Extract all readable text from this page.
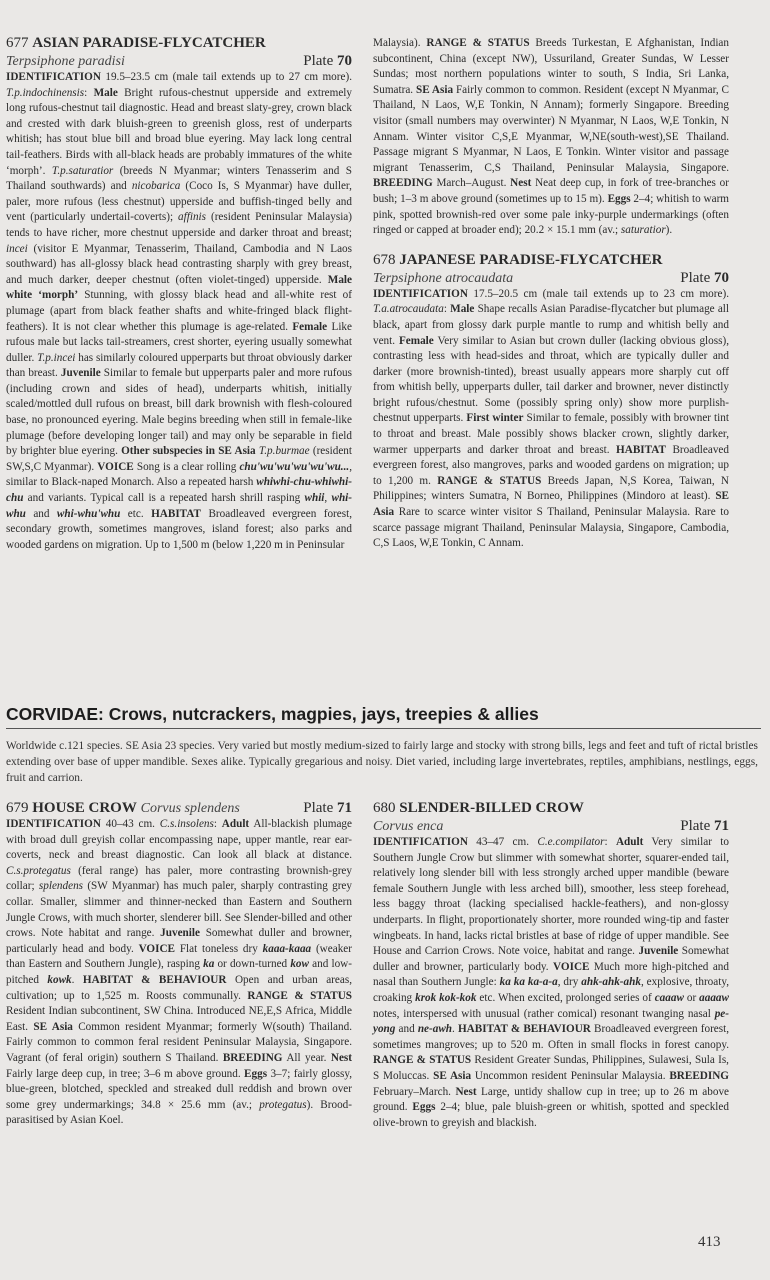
677 ASIAN PARADISE-FLYCATCHER
Terpsiphone paradisi	Plate 70

IDENTIFICATION 19.5–23.5 cm (male tail extends up to 27 cm more). T.p.indochinensis: Male Bright rufous-chestnut upperside and extremely long rufous-chestnut tail diagnostic. Head and breast slaty-grey, crown black and crested with dark bluish-green to greenish gloss, rest of underparts whitish; has stout blue bill and broad blue eyering. May lack long central tail-feathers. Birds with all-black heads are probably immatures of the white ‘morph’. T.p.saturatior (breeds N Myanmar; winters Tenasserim and S Thailand southwards) and nicobarica (Coco Is, S Myanmar) have duller, paler, more rufous (less chestnut) upperside and buffish-tinged belly and vent (particularly undertail-coverts); affinis (resident Peninsular Malaysia) tends to have richer, more chestnut upperside and darker throat and breast; incei (visitor E Myanmar, Tenasserim, Thailand, Cambodia and N Laos southward) has all-glossy black head contrasting sharply with grey breast, and much darker, deeper chestnut (often violet-tinged) upperside. Male white ‘morph’ Stunning, with glossy black head and all-white rest of plumage (apart from black feather shafts and white-fringed black flight-feathers). It is not clear whether this plumage is age-related. Female Like rufous male but lacks tail-streamers, crest shorter, eyering usually somewhat duller. T.p.incei has similarly coloured upperparts but throat obviously darker than breast. Juvenile Similar to female but upperparts paler and more rufous (including crown and sides of head), underparts whitish, initially scaled/mottled dull rufous on breast, bill dark brownish with flesh-coloured base, no pronounced eyering. Male begins breeding when still in female-like plumage (before developing longer tail) and may only be separable in field by brighter blue eyering. Other subspecies in SE Asia T.p.burmae (resident SW,S,C Myanmar). VOICE Song is a clear rolling chu'wu'wu'wu'wu'wu..., similar to Black-naped Monarch. Also a repeated harsh whiwhi-chu-whiwhi-chu and variants. Typical call is a repeated harsh shrill rasping whii, whi-whu and whi-whu'whu etc. HABITAT Broadleaved evergreen forest, secondary growth, sometimes mangroves, island forest; also parks and wooded gardens on migration. Up to 1,500 m (below 1,220 m in Peninsular

Malaysia). RANGE & STATUS Breeds Turkestan, E Afghanistan, Indian subcontinent, China (except NW), Ussuriland, Greater Sundas, W Lesser Sundas; most northern populations winter to south, S India, Sri Lanka, Sumatra. SE Asia Fairly common to common. Resident (except N Myanmar, C Thailand, N Laos, W,E Tonkin, N Annam); formerly Singapore. Breeding visitor (small numbers may overwinter) N Myanmar, N Laos, W,E Tonkin, N Annam. Winter visitor C,S,E Myanmar, W,NE(south-west),SE Thailand. Passage migrant S Myanmar, N Laos, E Tonkin. Winter visitor and passage migrant Tenasserim, C,S Thailand, Peninsular Malaysia, Singapore. BREEDING March–August. Nest Neat deep cup, in fork of tree-branches or bush; 1–3 m above ground (sometimes up to 15 m). Eggs 2–4; whitish to warm pink, spotted brownish-red over some pale inky-purple undermarkings (often ringed or capped at broader end); 20.2 × 15.1 mm (av.; saturatior).

678 JAPANESE PARADISE-FLYCATCHER
Terpsiphone atrocaudata	Plate 70

IDENTIFICATION 17.5–20.5 cm (male tail extends up to 23 cm more). T.a.atrocaudata: Male Shape recalls Asian Paradise-flycatcher but plumage all black, apart from glossy dark purple mantle to rump and whitish belly and vent. Female Very similar to Asian but crown duller (lacking obvious gloss), contrasting less with head-sides and throat, which are typically duller and darker (more brownish-tinted), breast usually appears more sharply cut off from whitish belly, upperparts duller, tail darker and browner, never distinctly bright rufous/chestnut. Some (possibly spring only) show more purplish-chestnut upperparts. First winter Similar to female, possibly with browner tint to throat and breast. Male possibly shows blacker crown, slightly darker, warmer upperparts and darker throat and breast. HABITAT Broadleaved evergreen forest, also mangroves, parks and wooded gardens on migration; up to 1,200 m. RANGE & STATUS Breeds Japan, N,S Korea, Taiwan, N Philippines; winters Sumatra, N Borneo, Philippines (Mindoro at least). SE Asia Rare to scarce winter visitor S Thailand, Peninsular Malaysia. Rare to scarce passage migrant Thailand, Peninsular Malaysia, Singapore, Cambodia, C,S Laos, W,E Tonkin, C Annam.

CORVIDAE: Crows, nutcrackers, magpies, jays, treepies & allies
Worldwide c.121 species. SE Asia 23 species. Very varied but mostly medium-sized to fairly large and stocky with strong bills, legs and feet and tuft of rictal bristles extending over base of upper mandible. Sexes alike. Typically gregarious and noisy. Diet varied, including large invertebrates, reptiles, amphibians, nestlings, eggs, fruit and carrion.
679 HOUSE CROW Corvus splendens	Plate 71

IDENTIFICATION 40–43 cm. C.s.insolens: Adult All-blackish plumage with broad dull greyish collar encompassing nape, upper mantle, rear ear-coverts, neck and breast diagnostic. Can look all black at distance. C.s.protegatus (feral range) has paler, more contrasting brownish-grey collar; splendens (SW Myanmar) has much paler, sharply contrasting grey collar. Smaller, slimmer and thinner-necked than Eastern and Southern Jungle Crows, with much shorter, slenderer bill. See Slender-billed and other crows. Note habitat and range. Juvenile Somewhat duller and browner, particularly head and body. VOICE Flat toneless dry kaaa-kaaa (weaker than Eastern and Southern Jungle), rasping ka or down-turned kow and low-pitched kowk. HABITAT & BEHAVIOUR Open and urban areas, cultivation; up to 1,525 m. Roosts communally. RANGE & STATUS Resident Indian subcontinent, SW China. Introduced NE,E,S Africa, Middle East. SE Asia Common resident Myanmar; formerly W(south) Thailand. Fairly common to common feral resident Peninsular Malaysia, Singapore. Vagrant (of feral origin) southern S Thailand. BREEDING All year. Nest Fairly large deep cup, in tree; 3–6 m above ground. Eggs 3–7; fairly glossy, blue-green, blotched, speckled and streaked dull reddish and brown over some grey undermarkings; 34.8 × 25.6 mm (av.; protegatus). Brood-parasitised by Asian Koel.

680 SLENDER-BILLED CROW
Corvus enca	Plate 71

IDENTIFICATION 43–47 cm. C.e.compilator: Adult Very similar to Southern Jungle Crow but slimmer with somewhat shorter, squarer-ended tail, relatively long slender bill with less strongly arched upper mandible (beware female Southern Jungle with less arched bill), smoother, less steep forehead, less baggy throat (lacking specialised hackle-feathers), and non-glossy underparts. In flight, proportionately shorter, more rounded wing-tip and faster wingbeats. In hand, lacks rictal bristles at base of ridge of upper mandible. See House and Carrion Crows. Note voice, habitat and range. Juvenile Somewhat duller and browner, particularly body. VOICE Much more high-pitched and nasal than Southern Jungle: ka ka ka-a-a, dry ahk-ahk-ahk, explosive, throaty, croaking krok kok-kok etc. When excited, prolonged series of caaaw or aaaaw notes, interspersed with unusual (rather comical) resonant twanging nasal pe-yong and ne-awh. HABITAT & BEHAVIOUR Broadleaved evergreen forest, sometimes mangroves; up to 520 m. Often in small flocks in forest canopy. RANGE & STATUS Resident Greater Sundas, Philippines, Sulawesi, Sula Is, S Moluccas. SE Asia Uncommon resident Peninsular Malaysia. BREEDING February–March. Nest Large, untidy shallow cup in tree; up to 26 m above ground. Eggs 2–4; blue, pale bluish-green or whitish, spotted and speckled olive-brown to greyish and blackish.

413
